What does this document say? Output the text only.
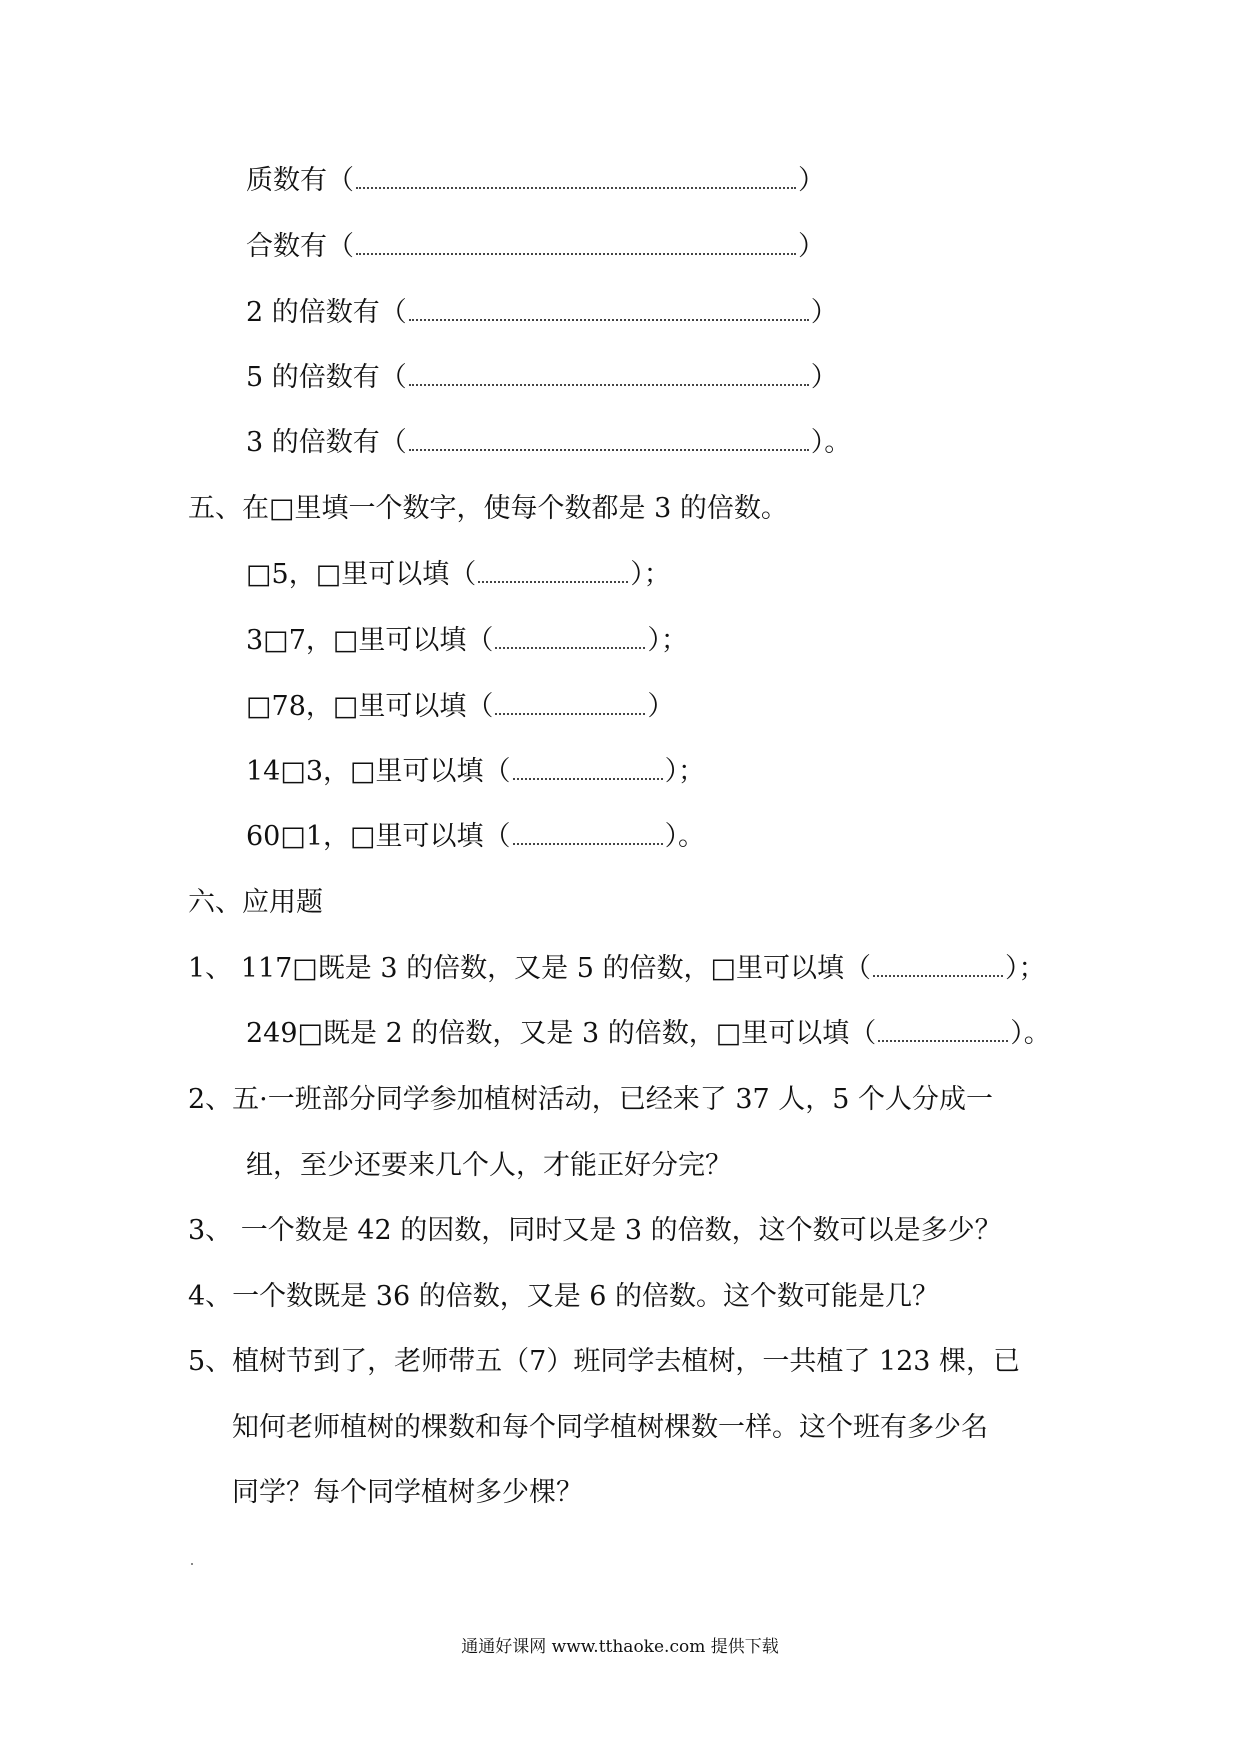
质数有（	）
合数有（	）
2 的倍数有（	）
5 的倍数有（	）
3 的倍数有（	）。
五、在□里填一个数字，使每个数都是 3 的倍数。
□5，□里可以填（	）；
3□7，□里可以填（	）；
□78，□里可以填（	）
14□3，□里可以填（	）；
60□1，□里可以填（	）。
六、应用题
1、 117□既是 3 的倍数，又是 5 的倍数，□里可以填（	）；
249□既是 2 的倍数，又是 3 的倍数，□里可以填（	）。
2、五·一班部分同学参加植树活动，已经来了 37 人，5 个人分成一
组，至少还要来几个人，才能正好分完？
3、 一个数是 42 的因数，同时又是 3 的倍数，这个数可以是多少？
4、一个数既是 36 的倍数，又是 6 的倍数。这个数可能是几？
5、植树节到了，老师带五（7）班同学去植树，一共植了 123 棵，已
知何老师植树的棵数和每个同学植树棵数一样。这个班有多少名
同学？每个同学植树多少棵？
通通好课网 www.tthaoke.com 提供下载
